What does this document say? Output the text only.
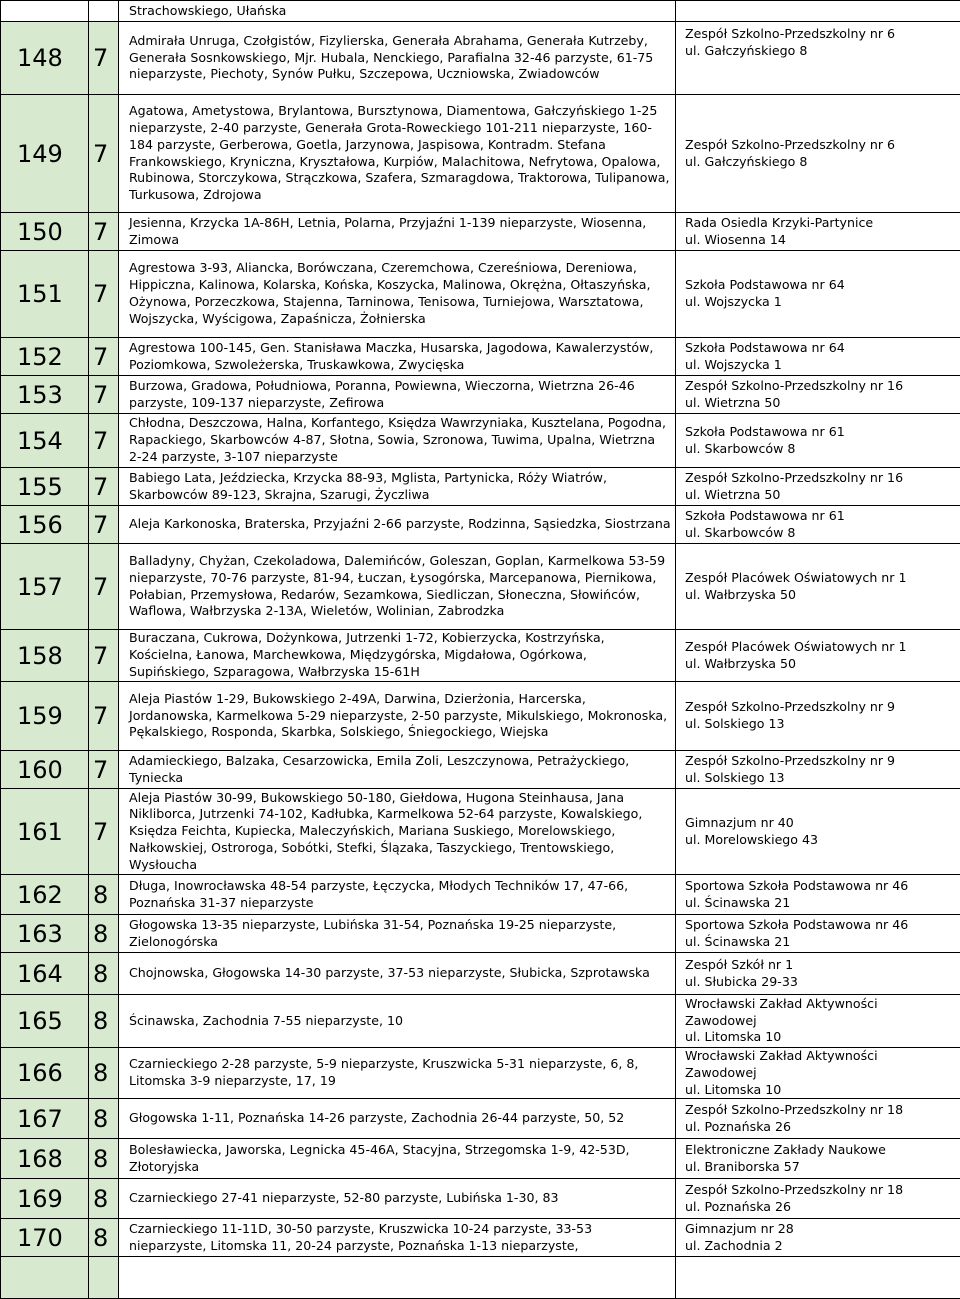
		Strachowskiego, Ułańska	
148	7	Admirała Unruga, Czołgistów, Fizylierska, Generała Abrahama, Generała Kutrzeby, Generała Sosnkowskiego, Mjr. Hubala, Nenckiego, Parafialna 32-46 parzyste, 61-75 nieparzyste, Piechoty, Synów Pułku, Szczepowa, Uczniowska, Zwiadowców	Zespół Szkolno-Przedszkolny nr 6
ul. Gałczyńskiego 8

149	7	Agatowa, Ametystowa, Brylantowa, Bursztynowa, Diamentowa, Gałczyńskiego 1-25 nieparzyste, 2-40 parzyste, Generała Grota-Roweckiego 101-211 nieparzyste, 160-184 parzyste, Gerberowa, Goetla, Jarzynowa, Jaspisowa, Kontradm. Stefana Frankowskiego, Kryniczna, Kryształowa, Kurpiów, Malachitowa, Nefrytowa, Opalowa, Rubinowa, Storczykowa, Strączkowa, Szafera, Szmaragdowa, Traktorowa, Tulipanowa, Turkusowa, Zdrojowa	Zespół Szkolno-Przedszkolny nr 6
ul. Gałczyńskiego 8

150	7	Jesienna, Krzycka 1A-86H, Letnia, Polarna, Przyjaźni 1-139 nieparzyste, Wiosenna, Zimowa	Rada Osiedla Krzyki-Partynice
ul. Wiosenna 14

151	7	Agrestowa 3-93, Aliancka, Borówczana, Czeremchowa, Czereśniowa, Dereniowa, Hippiczna, Kalinowa, Kolarska, Końska, Koszycka, Malinowa, Okrężna, Ołtaszyńska, Ożynowa, Porzeczkowa, Stajenna, Tarninowa, Tenisowa, Turniejowa, Warsztatowa, Wojszycka, Wyścigowa, Zapaśnicza, Żołnierska	Szkoła Podstawowa nr 64
ul. Wojszycka 1

152	7	Agrestowa 100-145, Gen. Stanisława Maczka, Husarska, Jagodowa, Kawalerzystów, Poziomkowa, Szwoleżerska, Truskawkowa, Zwycięska	Szkoła Podstawowa nr 64
ul. Wojszycka 1

153	7	Burzowa, Gradowa, Południowa, Poranna, Powiewna, Wieczorna, Wietrzna 26-46 parzyste, 109-137 nieparzyste, Zefirowa	Zespół Szkolno-Przedszkolny nr 16
ul. Wietrzna 50

154	7	Chłodna, Deszczowa, Halna, Korfantego, Księdza Wawrzyniaka, Kusztelana, Pogodna, Rapackiego, Skarbowców 4-87, Słotna, Sowia, Szronowa, Tuwima, Upalna, Wietrzna 2-24 parzyste, 3-107 nieparzyste	Szkoła Podstawowa nr 61
ul. Skarbowców 8

155	7	Babiego Lata, Jeździecka, Krzycka 88-93, Mglista, Partynicka, Róży Wiatrów, Skarbowców 89-123, Skrajna, Szarugi, Życzliwa	Zespół Szkolno-Przedszkolny nr 16
ul. Wietrzna 50

156	7	Aleja Karkonoska, Braterska, Przyjaźni 2-66 parzyste, Rodzinna, Sąsiedzka, Siostrzana	Szkoła Podstawowa nr 61
ul. Skarbowców 8

157	7	Balladyny, Chyżan, Czekoladowa, Dalemińców, Goleszan, Goplan, Karmelkowa 53-59 nieparzyste, 70-76 parzyste, 81-94, Łuczan, Łysogórska, Marcepanowa, Piernikowa, Połabian, Przemysłowa, Redarów, Sezamkowa, Siedliczan, Słoneczna, Słowińców, Waflowa, Wałbrzyska 2-13A, Wieletów, Wolinian, Zabrodzka	Zespół Placówek Oświatowych nr 1
ul. Wałbrzyska 50

158	7	Buraczana, Cukrowa, Dożynkowa, Jutrzenki 1-72, Kobierzycka, Kostrzyńska, Kościelna, Łanowa, Marchewkowa, Międzygórska, Migdałowa, Ogórkowa, Supińskiego, Szparagowa, Wałbrzyska 15-61H	Zespół Placówek Oświatowych nr 1
ul. Wałbrzyska 50

159	7	Aleja Piastów 1-29, Bukowskiego 2-49A, Darwina, Dzierżonia, Harcerska, Jordanowska, Karmelkowa 5-29 nieparzyste, 2-50 parzyste, Mikulskiego, Mokronoska, Pękalskiego, Rosponda, Skarbka, Solskiego, Śniegockiego, Wiejska	Zespół Szkolno-Przedszkolny nr 9
ul. Solskiego 13

160	7	Adamieckiego, Balzaka, Cesarzowicka, Emila Zoli, Leszczynowa, Petrażyckiego, Tyniecka	Zespół Szkolno-Przedszkolny nr 9
ul. Solskiego 13

161	7	Aleja Piastów 30-99, Bukowskiego 50-180, Giełdowa, Hugona Steinhausa, Jana Nikliborca, Jutrzenki 74-102, Kadłubka, Karmelkowa 52-64 parzyste, Kowalskiego, Księdza Feichta, Kupiecka, Maleczyńskich, Mariana Suskiego, Morelowskiego, Nałkowskiej, Ostroroga, Sobótki, Stefki, Ślązaka, Taszyckiego, Trentowskiego, Wysłoucha	Gimnazjum nr 40
ul. Morelowskiego 43

162	8	Długa, Inowrocławska 48-54 parzyste, Łęczycka, Młodych Techników 17, 47-66, Poznańska 31-37 nieparzyste	Sportowa Szkoła Podstawowa nr 46
ul. Ścinawska 21

163	8	Głogowska 13-35 nieparzyste, Lubińska 31-54, Poznańska 19-25 nieparzyste, Zielonogórska	Sportowa Szkoła Podstawowa nr 46
ul. Ścinawska 21

164	8	Chojnowska, Głogowska 14-30 parzyste, 37-53 nieparzyste, Słubicka, Szprotawska	Zespół Szkół nr 1
ul. Słubicka 29-33

165	8	Ścinawska, Zachodnia 7-55 nieparzyste, 10	Wrocławski Zakład Aktywności
Zawodowej
ul. Litomska 10

166	8	Czarnieckiego 2-28 parzyste, 5-9 nieparzyste, Kruszwicka 5-31 nieparzyste, 6, 8, Litomska 3-9 nieparzyste, 17, 19	Wrocławski Zakład Aktywności
Zawodowej
ul. Litomska 10

167	8	Głogowska 1-11, Poznańska 14-26 parzyste, Zachodnia 26-44 parzyste, 50, 52	Zespół Szkolno-Przedszkolny nr 18
ul. Poznańska 26

168	8	Bolesławiecka, Jaworska, Legnicka 45-46A, Stacyjna, Strzegomska 1-9, 42-53D, Złotoryjska	Elektroniczne Zakłady Naukowe
ul. Braniborska 57

169	8	Czarnieckiego 27-41 nieparzyste, 52-80 parzyste, Lubińska 1-30, 83	Zespół Szkolno-Przedszkolny nr 18
ul. Poznańska 26

170	8	Czarnieckiego 11-11D, 30-50 parzyste, Kruszwicka 10-24 parzyste, 33-53 nieparzyste, Litomska 11, 20-24 parzyste, Poznańska 1-13 nieparzyste,	Gimnazjum nr 28
ul. Zachodnia 2
